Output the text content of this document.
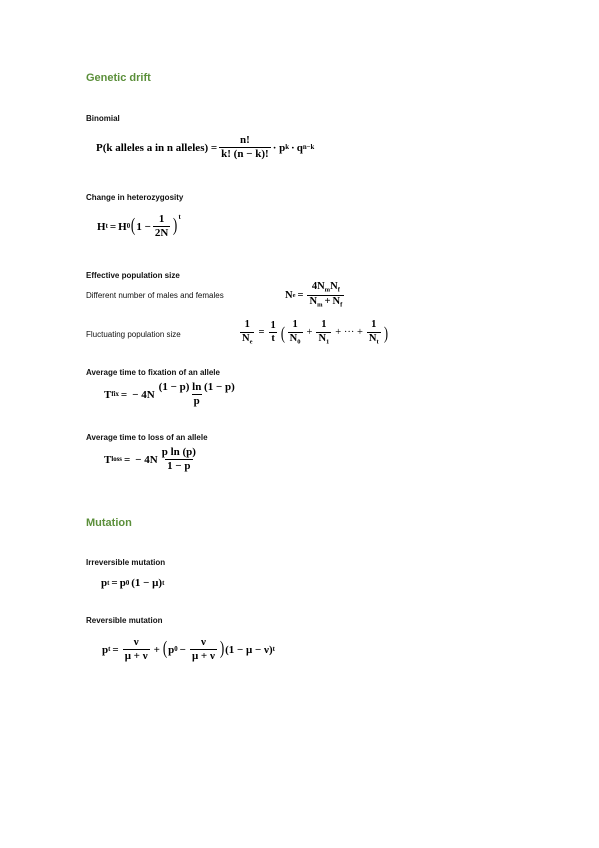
Genetic drift
Binomial
P(k alleles a in n alleles) = $\frac{n!}{k! (n - k)!} \cdot p$ k · q n−k
Change in heterozygosity
H t = H 0 ( $1 - \frac{1}{2N}$ ) t
Effective population size
Different number of males and females	N $e = \frac{4N_mN_f}{N_m + N_f}$
Fluctuating population size	$\frac{1}{N_e} = \frac{1}{t}$ ( $\frac{1}{N_0} + \frac{1}{N_1}$ + ··· + $\frac{1}{N_t}$ )
Average time to fixation of an allele
T fix = − $4N \frac{(1 - p) \ln (1 - p)}{p}$
Average time to loss of an allele
T loss = − $4N \frac{\text{p ln (p)}}{1 - p}$
Mutation
Irreversible mutation
p t = p 0 (1 − μ) t
Reversible mutation
p $t = \frac{\nu}{\mu + \nu}$ + ( p $0 - \frac{\nu}{\mu + \nu}$ ) (1 − μ − ν) t
